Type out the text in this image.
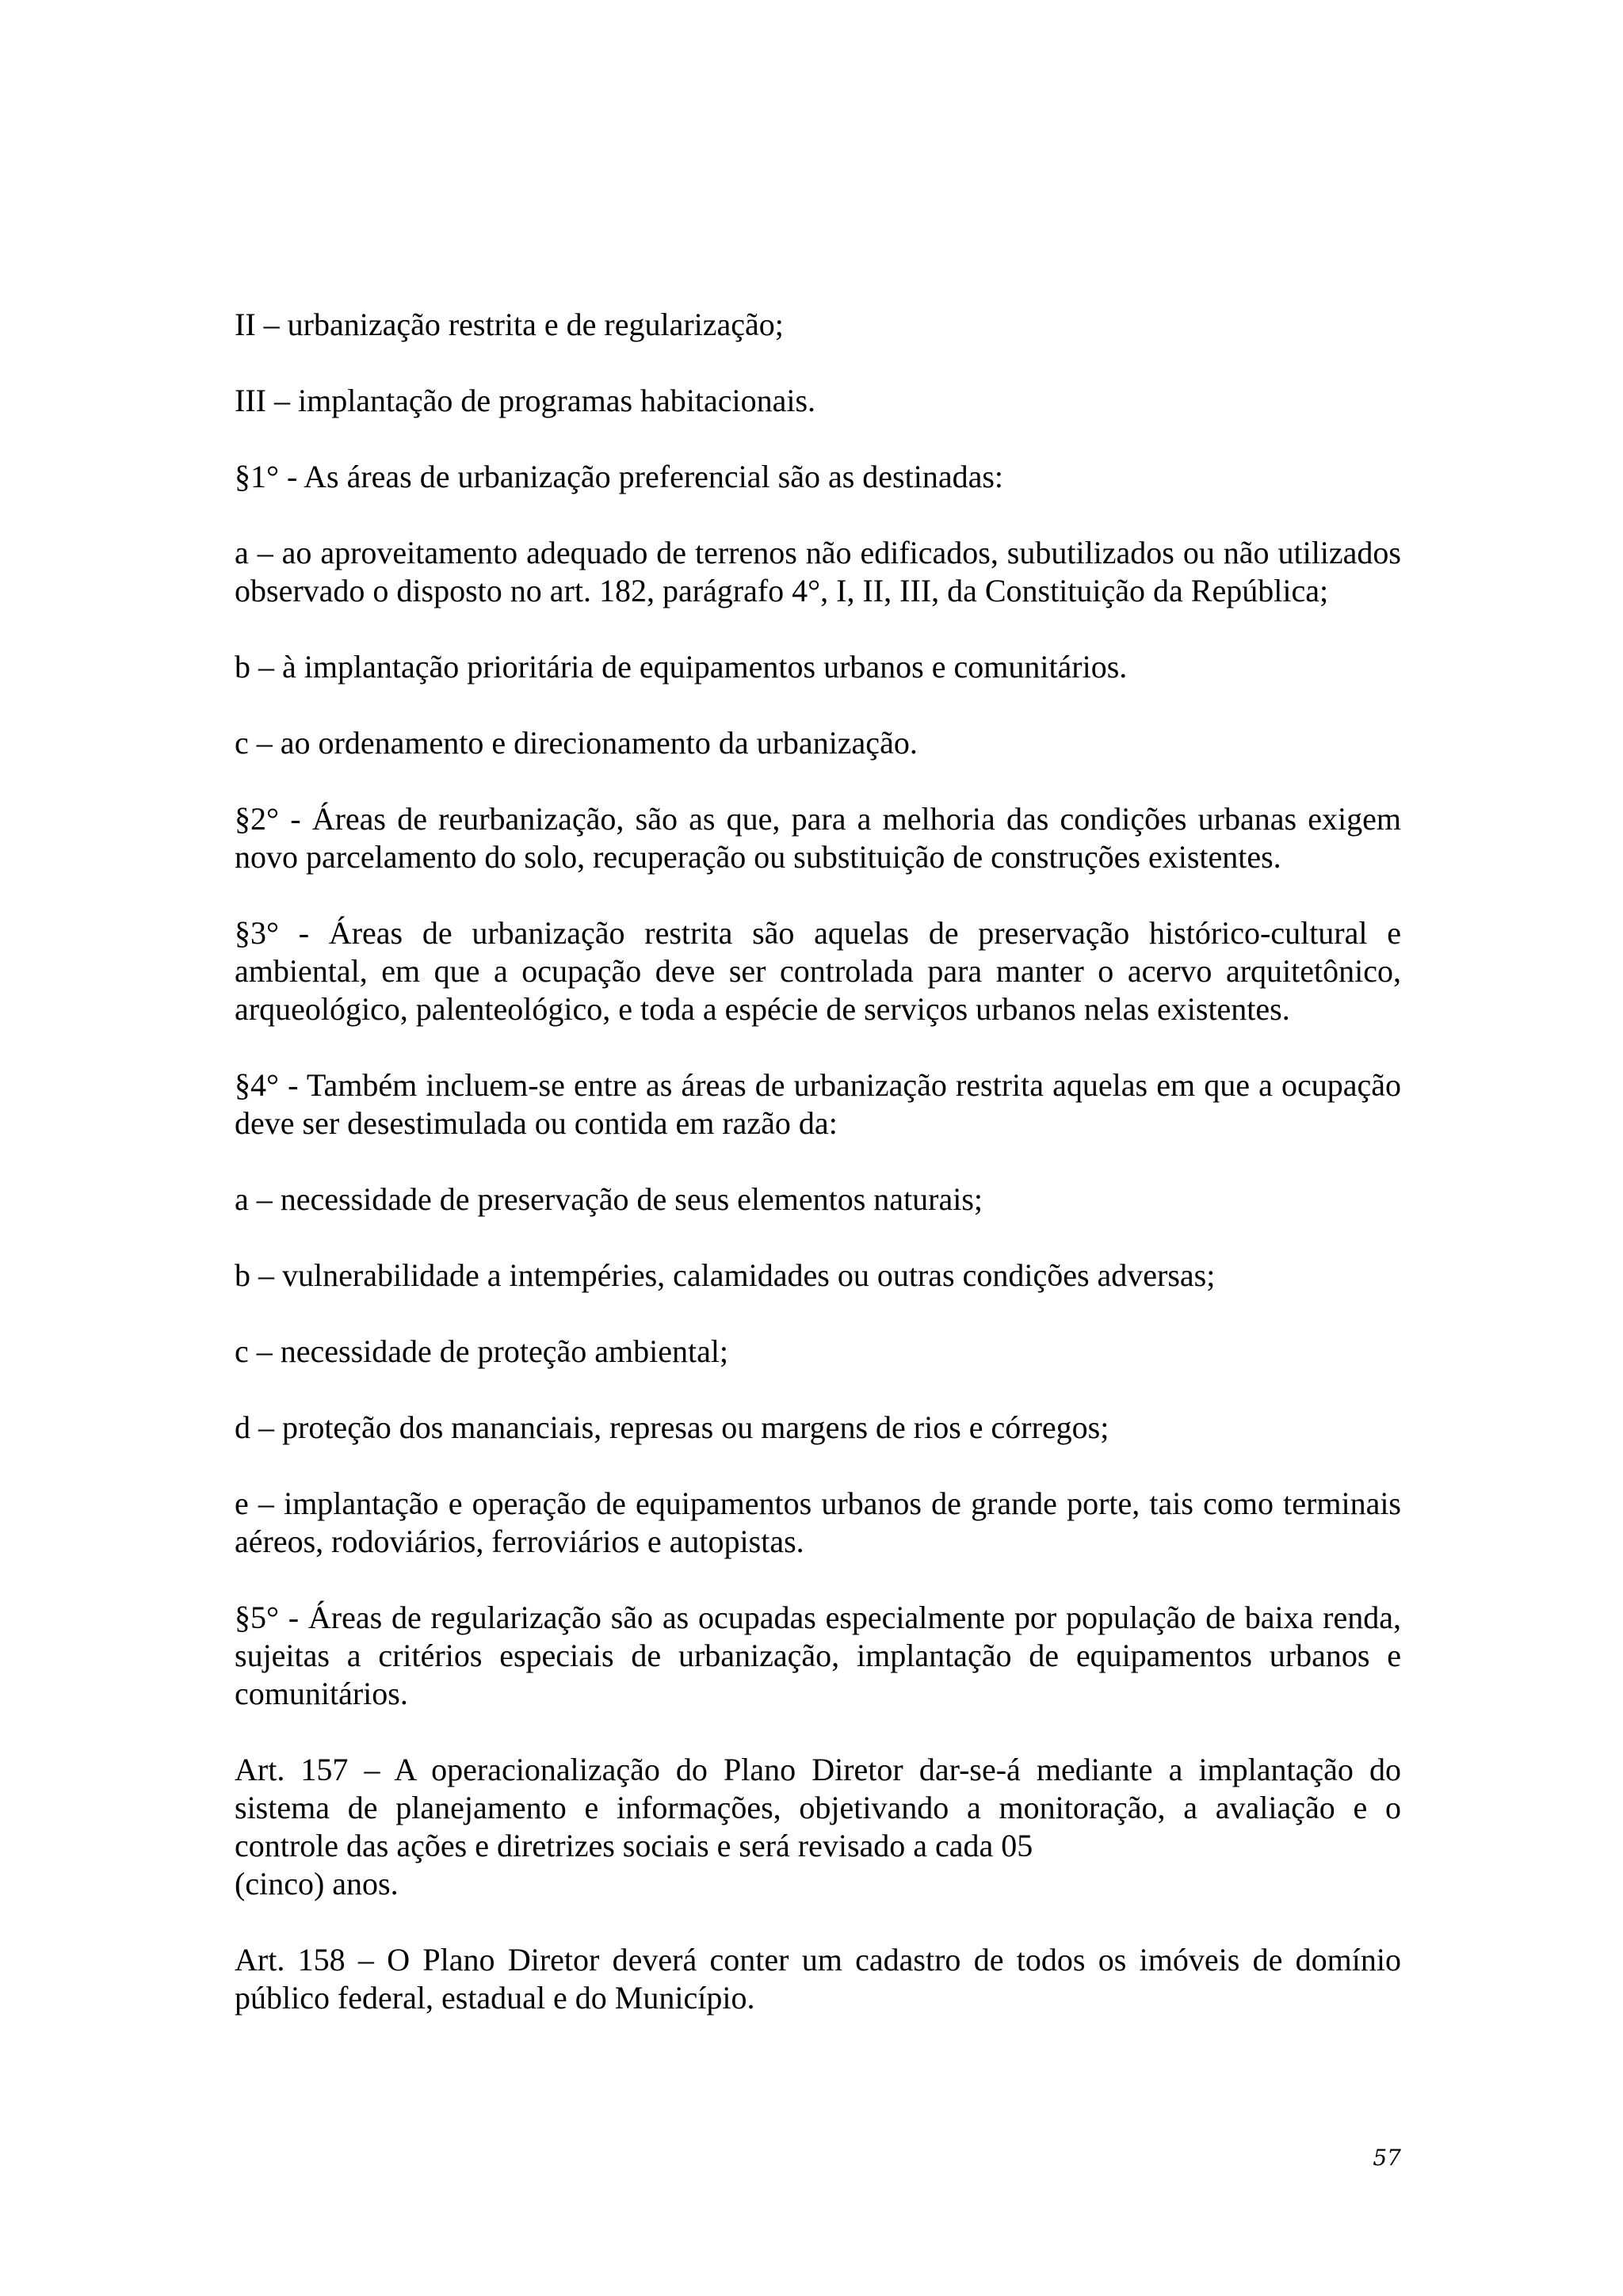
II – urbanização restrita e de regularização;

III – implantação de programas habitacionais.

§1° - As áreas de urbanização preferencial são as destinadas:

a – ao aproveitamento adequado de terrenos não edificados, subutilizados ou não utilizados observado o disposto no art. 182, parágrafo 4°, I, II, III, da Constituição da República;

b – à implantação prioritária de equipamentos urbanos e comunitários.

c – ao ordenamento e direcionamento da urbanização.

§2° - Áreas de reurbanização, são as que, para a melhoria das condições urbanas exigem novo parcelamento do solo, recuperação ou substituição de construções existentes.

§3° - Áreas de urbanização restrita são aquelas de preservação histórico-cultural e ambiental, em que a ocupação deve ser controlada para manter o acervo arquitetônico, arqueológico, palenteológico, e toda a espécie de serviços urbanos nelas existentes.

§4° - Também incluem-se entre as áreas de urbanização restrita aquelas em que a ocupação deve ser desestimulada ou contida em razão da:

a – necessidade de preservação de seus elementos naturais;

b – vulnerabilidade a intempéries, calamidades ou outras condições adversas;

c – necessidade de proteção ambiental;

d – proteção dos mananciais, represas ou margens de rios e córregos;

e – implantação e operação de equipamentos urbanos de grande porte, tais como terminais aéreos, rodoviários, ferroviários e autopistas.

§5° - Áreas de regularização são as ocupadas especialmente por população de baixa renda, sujeitas a critérios especiais de urbanização, implantação de equipamentos urbanos e comunitários.

Art. 157 – A operacionalização do Plano Diretor dar-se-á mediante a implantação do sistema de planejamento e informações, objetivando a monitoração, a avaliação e o controle das ações e diretrizes sociais e será revisado a cada 05
(cinco) anos.

Art. 158 – O Plano Diretor deverá conter um cadastro de todos os imóveis de domínio público federal, estadual e do Município.

57
